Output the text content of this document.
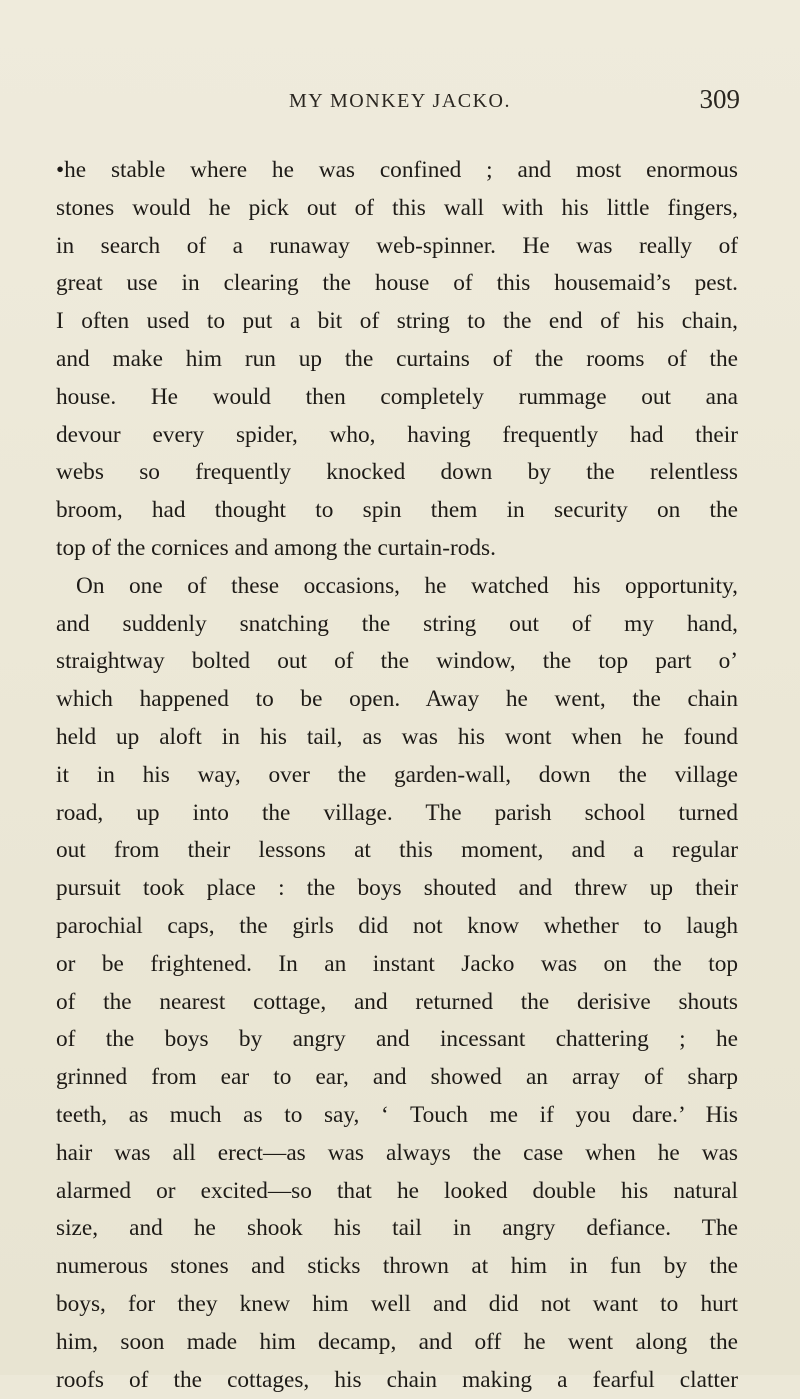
MY MONKEY JACKO.	309
•he stable where he was confined ; and most enormous
stones would he pick out of this wall with his little fingers,
in search of a runaway web-spinner. He was really of
great use in clearing the house of this housemaid’s pest.
I often used to put a bit of string to the end of his chain,
and make him run up the curtains of the rooms of the
house. He would then completely rummage out ana
devour every spider, who, having frequently had their
webs so frequently knocked down by the relentless
broom, had thought to spin them in security on the
top of the cornices and among the curtain-rods.
On one of these occasions, he watched his opportunity,
and suddenly snatching the string out of my hand,
straightway bolted out of the window, the top part o’
which happened to be open. Away he went, the chain
held up aloft in his tail, as was his wont when he found
it in his way, over the garden-wall, down the village
road, up into the village. The parish school turned
out from their lessons at this moment, and a regular
pursuit took place : the boys shouted and threw up their
parochial caps, the girls did not know whether to laugh
or be frightened. In an instant Jacko was on the top
of the nearest cottage, and returned the derisive shouts
of the boys by angry and incessant chattering ; he
grinned from ear to ear, and showed an array of sharp
teeth, as much as to say, ‘ Touch me if you dare.’ His
hair was all erect—as was always the case when he was
alarmed or excited—so that he looked double his natural
size, and he shook his tail in angry defiance. The
numerous stones and sticks thrown at him in fun by the
boys, for they knew him well and did not want to hurt
him, soon made him decamp, and off he went along the
roofs of the cottages, his chain making a fearful clatter
